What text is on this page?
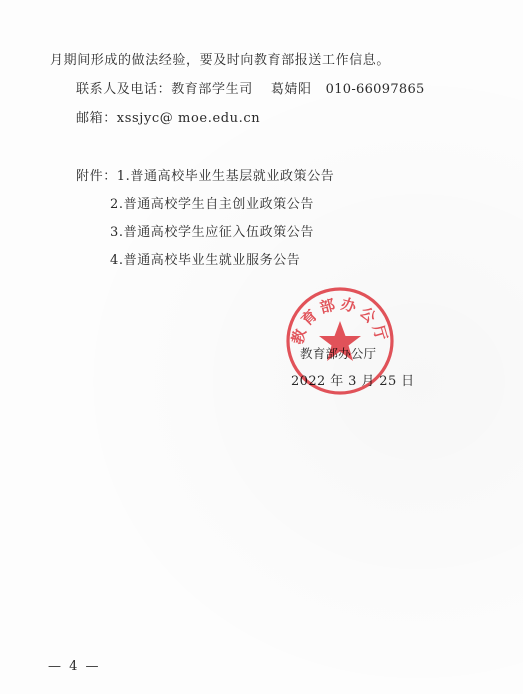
月期间形成的做法经验，要及时向教育部报送工作信息。
联系人及电话：教育部学生司 葛婧阳 010-66097865
邮箱：xssjyc@ moe.edu.cn
附件：1.普通高校毕业生基层就业政策公告
2.普通高校学生自主创业政策公告
3.普通高校学生应征入伍政策公告
4.普通高校毕业生就业服务公告
教育部办公厅
2022 年 3 月 25 日
教育部办公厅
— 4 —
